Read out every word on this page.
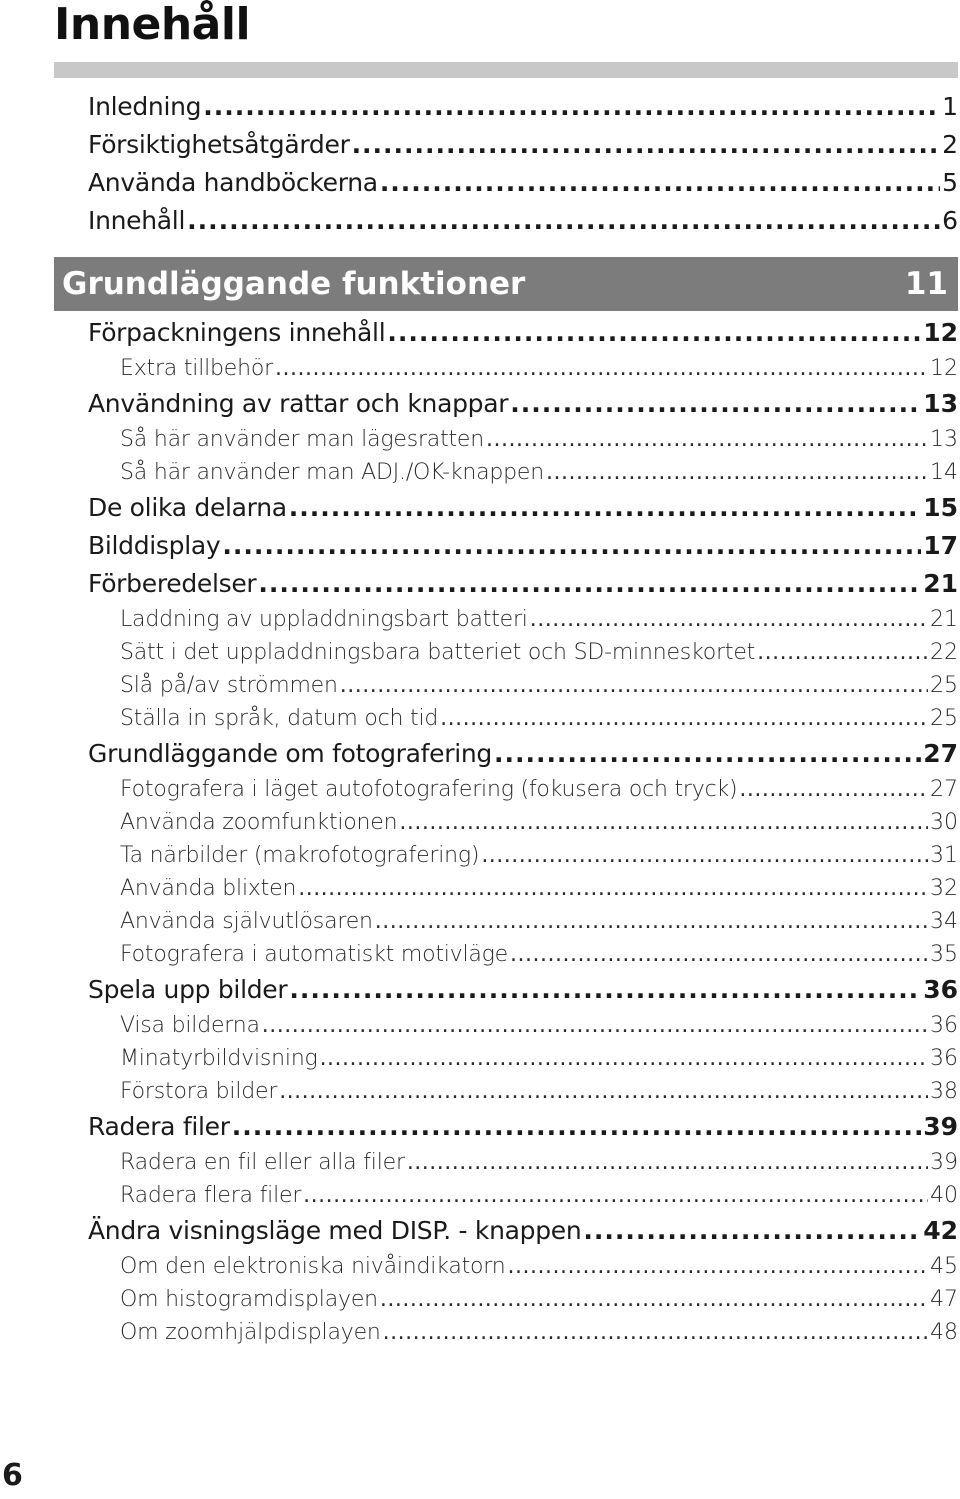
Innehåll
Inledning .....	1
Försiktighetsåtgärder .....	2
Använda handböckerna .....	5
Innehåll .....	6
Grundläggande funktioner	11
Förpackningens innehåll .....	12
Extra tillbehör .....	12
Användning av rattar och knappar .....	13
Så här använder man lägesratten .....	13
Så här använder man ADJ./OK-knappen .....	14
De olika delarna .....	15
Bilddisplay .....	17
Förberedelser .....	21
Laddning av uppladdningsbart batteri .....	21
Sätt i det uppladdningsbara batteriet och SD-minneskortet .....	22
Slå på/av strömmen .....	25
Ställa in språk, datum och tid .....	25
Grundläggande om fotografering .....	27
Fotografera i läget autofotografering (fokusera och tryck) .....	27
Använda zoomfunktionen .....	30
Ta närbilder (makrofotografering) .....	31
Använda blixten .....	32
Använda självutlösaren .....	34
Fotografera i automatiskt motivläge .....	35
Spela upp bilder .....	36
Visa bilderna .....	36
Minatyrbildvisning .....	36
Förstora bilder .....	38
Radera filer .....	39
Radera en fil eller alla filer .....	39
Radera flera filer .....	40
Ändra visningsläge med DISP. - knappen .....	42
Om den elektroniska nivåindikatorn .....	45
Om histogramdisplayen .....	47
Om zoomhjälpdisplayen .....	48
6
